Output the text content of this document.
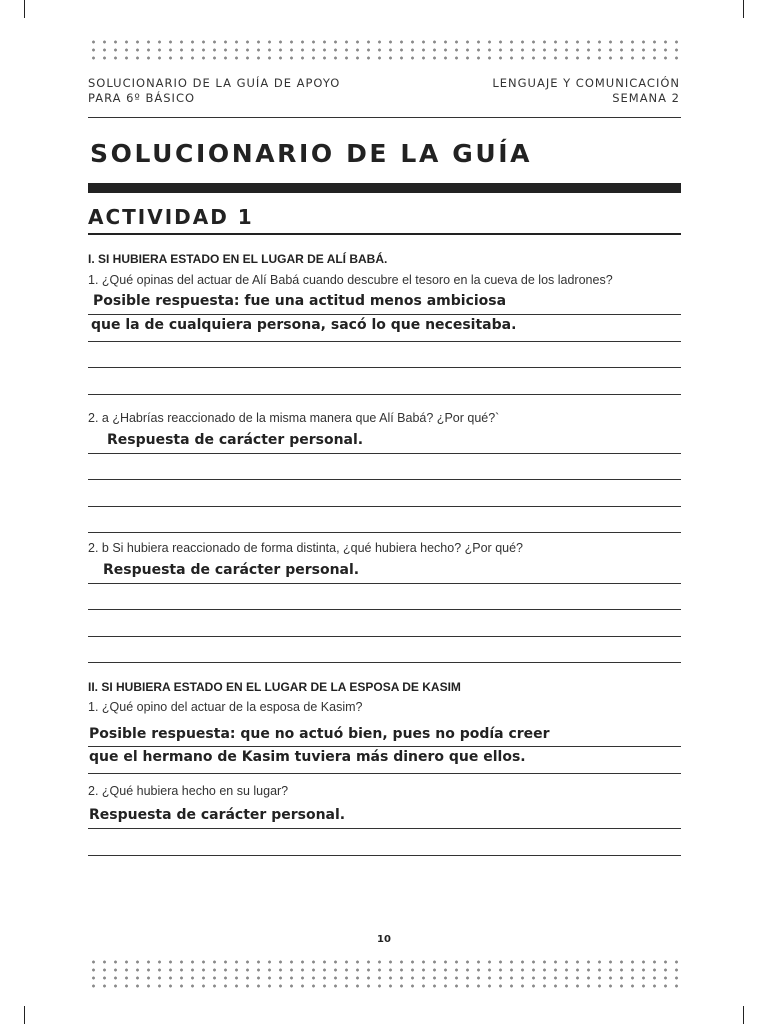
SOLUCIONARIO DE LA GUÍA DE APOYO
PARA 6º BÁSICO
LENGUAJE Y COMUNICACIÓN
SEMANA 2
SOLUCIONARIO DE LA GUÍA
ACTIVIDAD 1
I. SI HUBIERA ESTADO EN EL LUGAR DE ALÍ BABÁ.
1. ¿Qué opinas del actuar de Alí Babá cuando descubre el tesoro en la cueva de los ladrones?
Posible respuesta: fue una actitud menos ambiciosa
que la de cualquiera persona, sacó lo que necesitaba.
2. a ¿Habrías reaccionado de la misma manera que Alí Babá? ¿Por qué?`
Respuesta de carácter personal.
2. b Si hubiera reaccionado de forma distinta, ¿qué hubiera hecho? ¿Por qué?
Respuesta de carácter personal.
II. SI HUBIERA ESTADO EN EL LUGAR DE LA ESPOSA DE KASIM
1. ¿Qué opino del actuar de la esposa de Kasim?
Posible respuesta: que no actuó bien, pues no podía creer
que el hermano de Kasim tuviera más dinero que ellos.
2. ¿Qué hubiera hecho en su lugar?
Respuesta de carácter personal.
10
